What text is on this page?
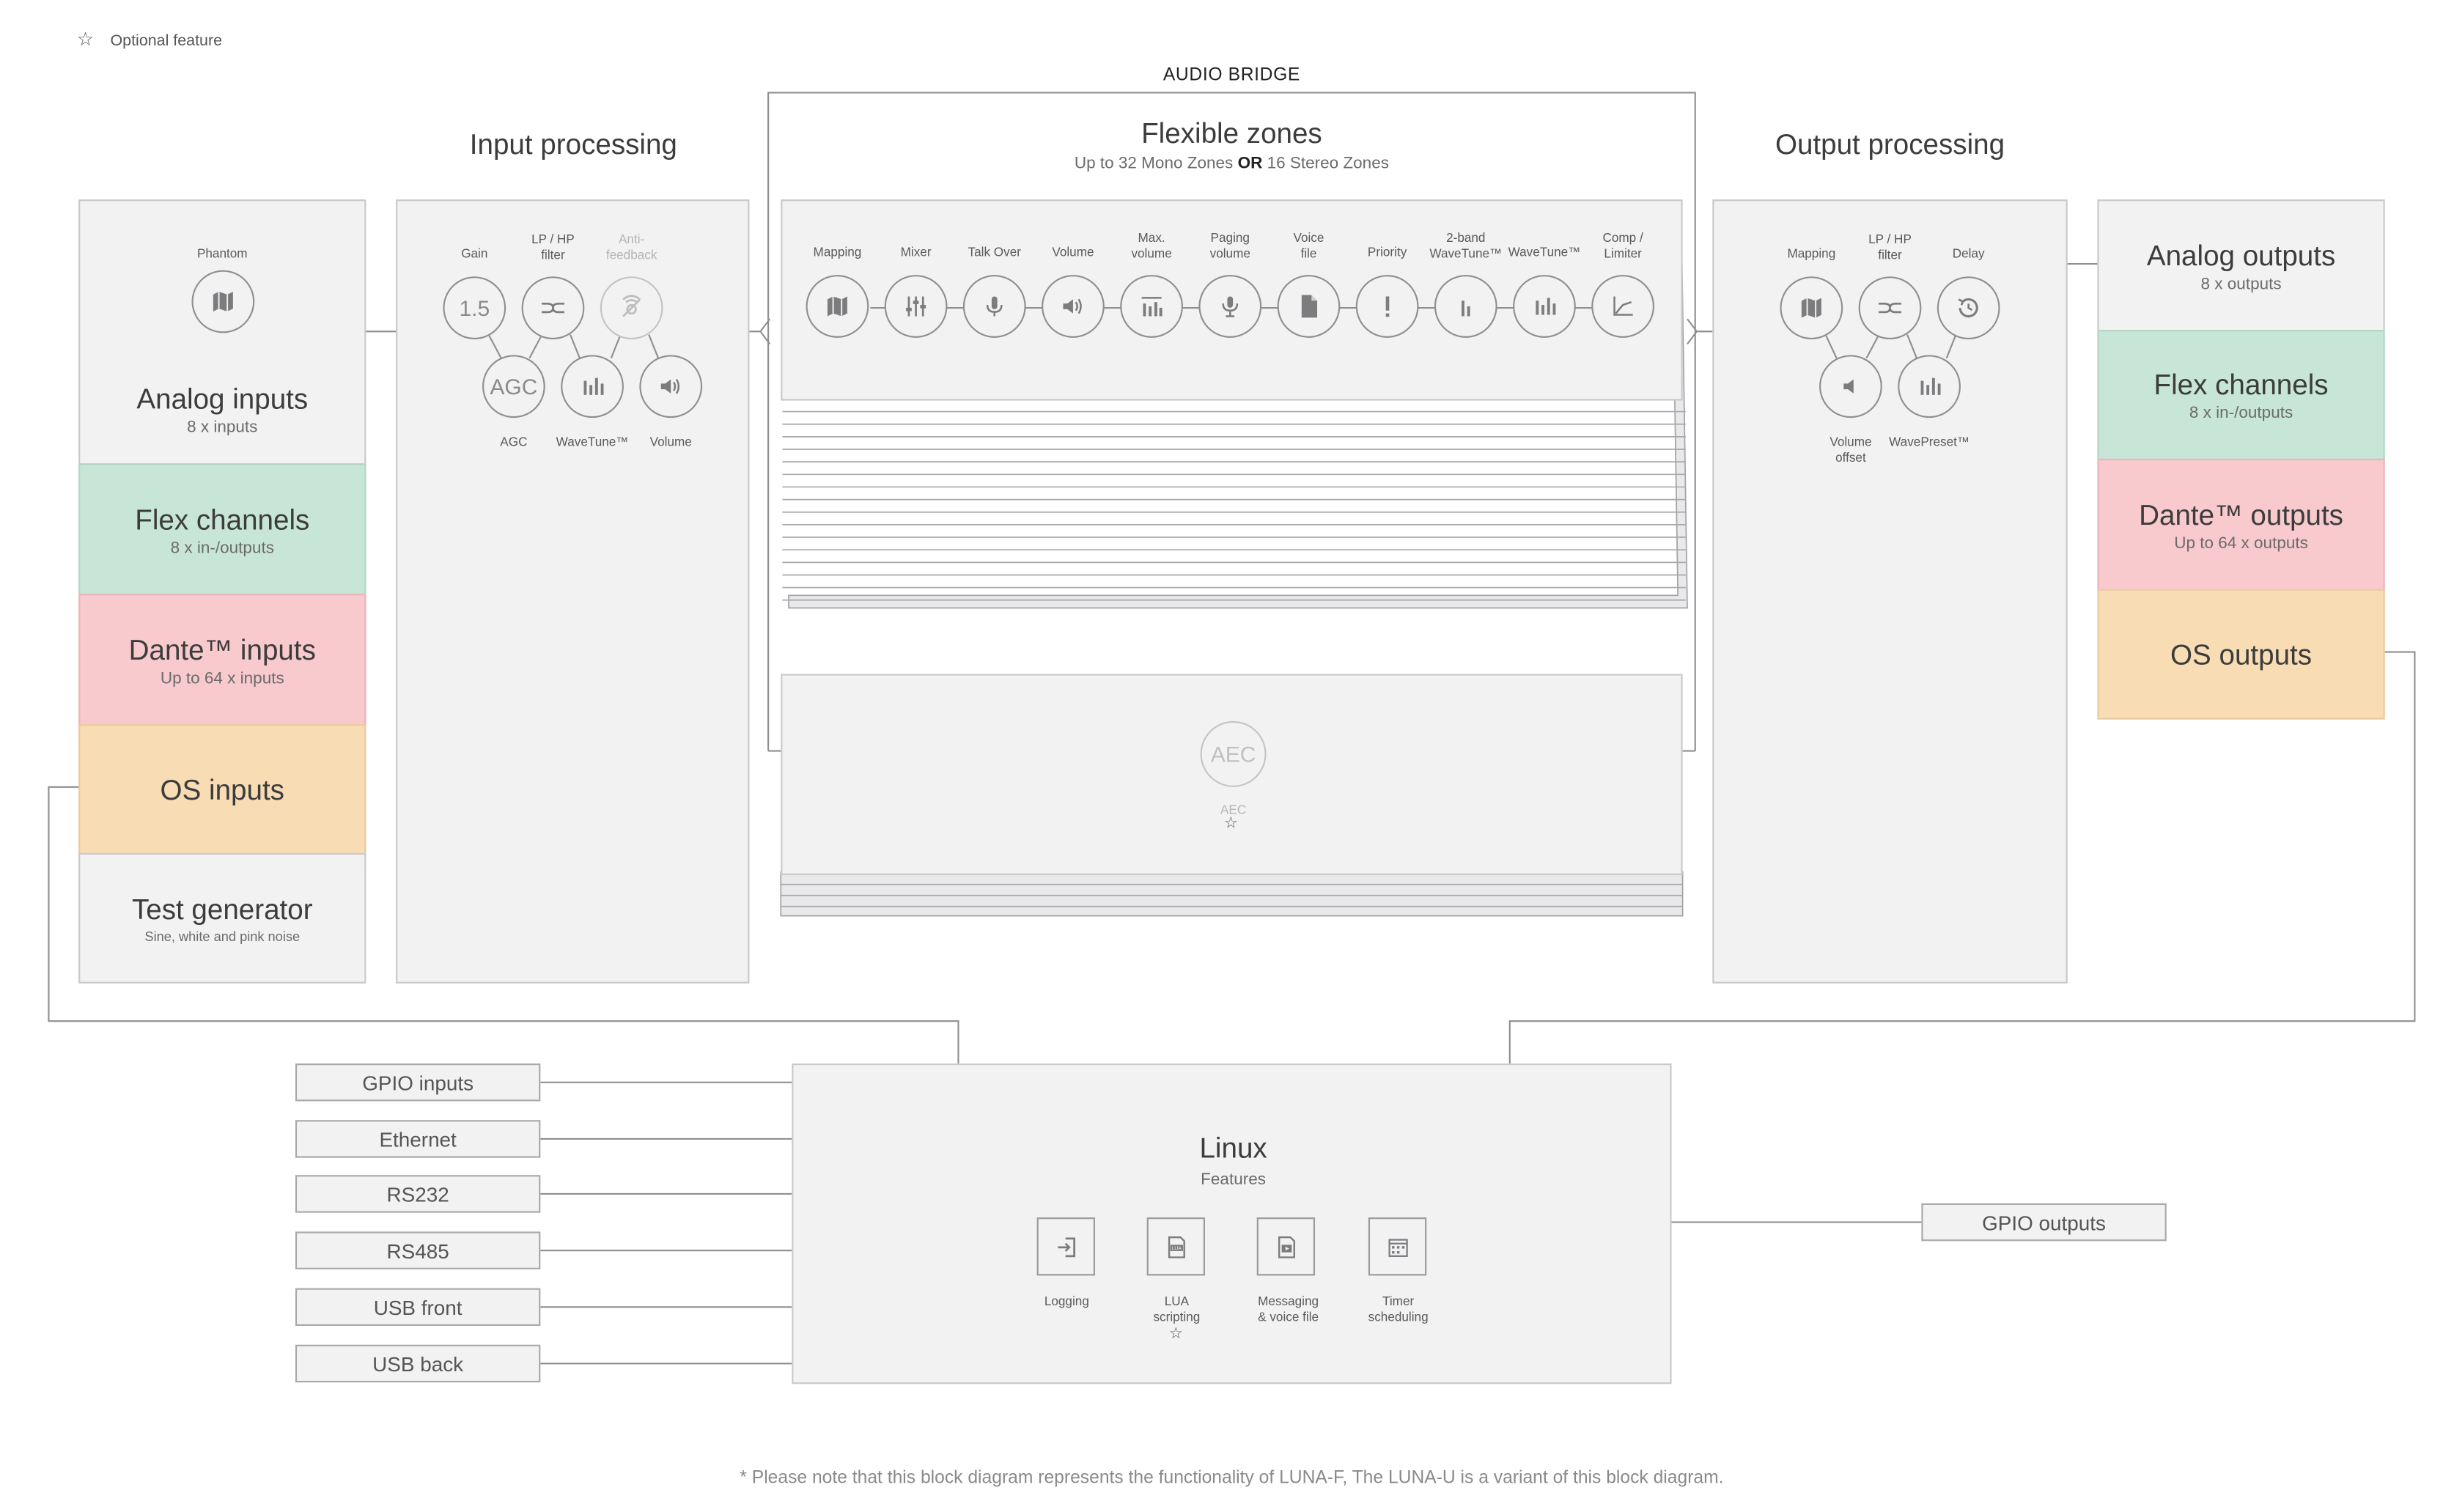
☆ Optional feature
AUDIO BRIDGE
Phantom
Analog inputs
8 x inputs
Flex channels
8 x in-/outputs
Dante™ inputs
Up to 64 x inputs
OS inputs
Test generator
Sine, white and pink noise
Input processing
Gain
LP / HP
filter
Anti-
feedback
1.5
AGC
AGC	WaveTune™	Volume
Flexible zones
Up to 32 Mono Zones OR 16 Stereo Zones
Mapping	Mixer	Talk Over	Volume
Max.
volume
Paging
volume
Voice
file	Priority
2-band
WaveTune™	WaveTune™
Comp /
Limiter
AEC
AEC
☆
Output processing
Mapping
LP / HP
filter	Delay
Volume
offset
WavePreset™
Analog outputs
8 x outputs
Flex channels
8 x in-/outputs
Dante™ outputs
Up to 64 x outputs
OS outputs
GPIO inputs
Ethernet
RS232
RS485
USB front
USB back
GPIO outputs
Linux
Features
LUA
Logging	LUA
scripting
☆
Messaging
& voice file
Timer
scheduling
* Please note that this block diagram represents the functionality of LUNA-F, The LUNA-U is a variant of this block diagram.
